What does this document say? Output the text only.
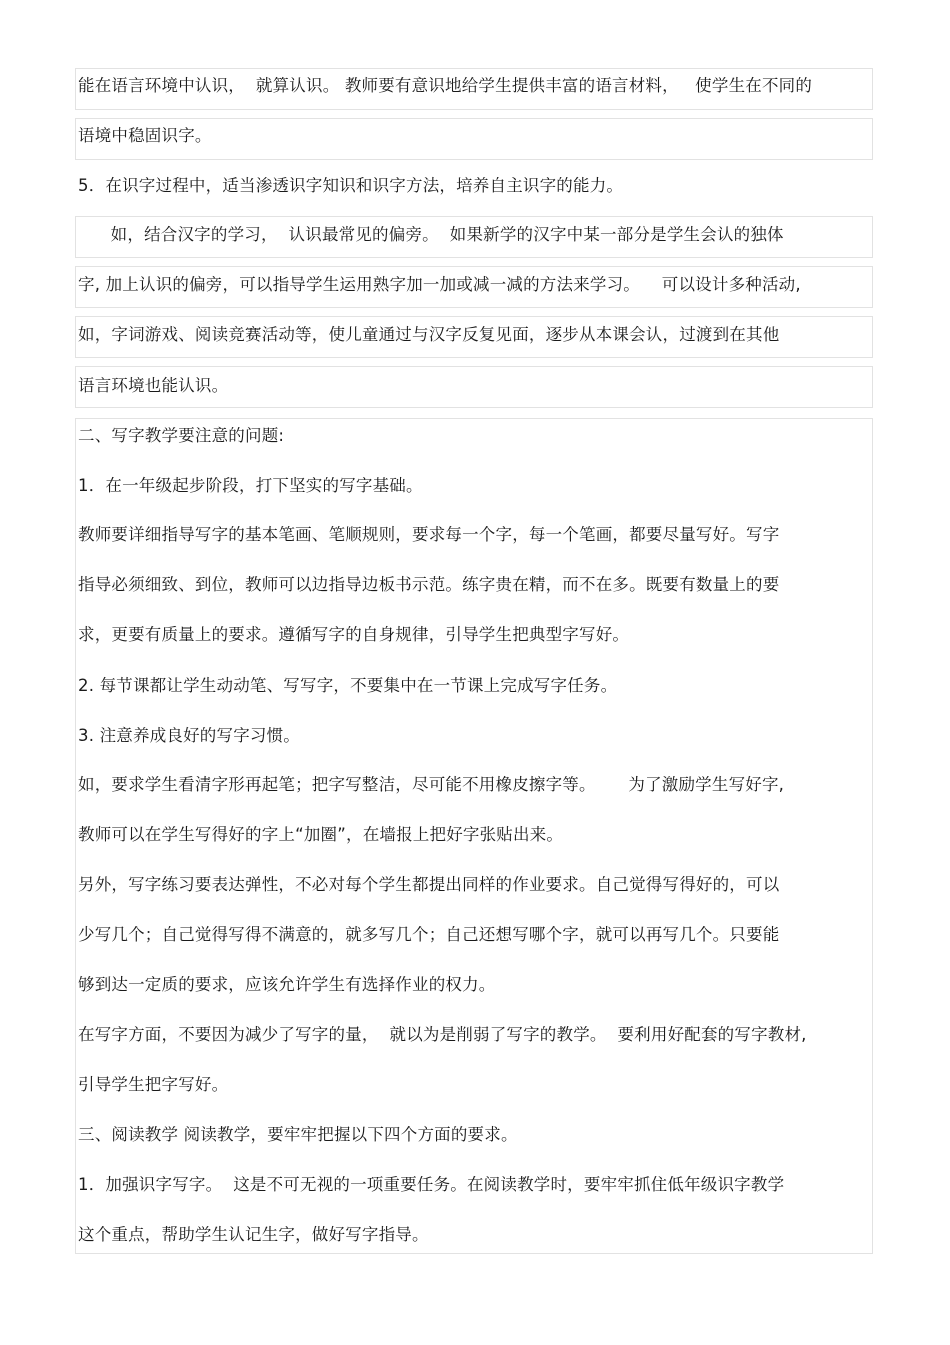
能在语言环境中认识，  就算认识。 教师要有意识地给学生提供丰富的语言材料，   使学生在不同的
语境中稳固识字。
5．在识字过程中，适当渗透识字知识和识字方法，培养自主识字的能力。
如，结合汉字的学习，  认识最常见的偏旁。  如果新学的汉字中某一部分是学生会认的独体
字, 加上认识的偏旁，可以指导学生运用熟字加一加或减一减的方法来学习。    可以设计多种活动,
如，字词游戏、阅读竞赛活动等，使儿童通过与汉字反复见面，逐步从本课会认，过渡到在其他
语言环境也能认识。
二、写字教学要注意的问题:
1．在一年级起步阶段，打下坚实的写字基础。
教师要详细指导写字的基本笔画、笔顺规则，要求每一个字，每一个笔画，都要尽量写好。写字
指导必须细致、到位，教师可以边指导边板书示范。练字贵在精，而不在多。既要有数量上的要
求，更要有质量上的要求。遵循写字的自身规律，引导学生把典型字写好。
2. 每节课都让学生动动笔、写写字，不要集中在一节课上完成写字任务。
3. 注意养成良好的写字习惯。
如，要求学生看清字形再起笔；把字写整洁，尽可能不用橡皮擦字等。      为了激励学生写好字,
教师可以在学生写得好的字上“加圈”，在墙报上把好字张贴出来。
另外，写字练习要表达弹性，不必对每个学生都提出同样的作业要求。自己觉得写得好的，可以
少写几个；自己觉得写得不满意的，就多写几个；自己还想写哪个字，就可以再写几个。只要能
够到达一定质的要求，应该允许学生有选择作业的权力。
在写字方面，不要因为减少了写字的量，  就以为是削弱了写字的教学。  要利用好配套的写字教材,
引导学生把字写好。
三、阅读教学 阅读教学，要牢牢把握以下四个方面的要求。
1．加强识字写字。  这是不可无视的一项重要任务。在阅读教学时，要牢牢抓住低年级识字教学
这个重点，帮助学生认记生字，做好写字指导。
